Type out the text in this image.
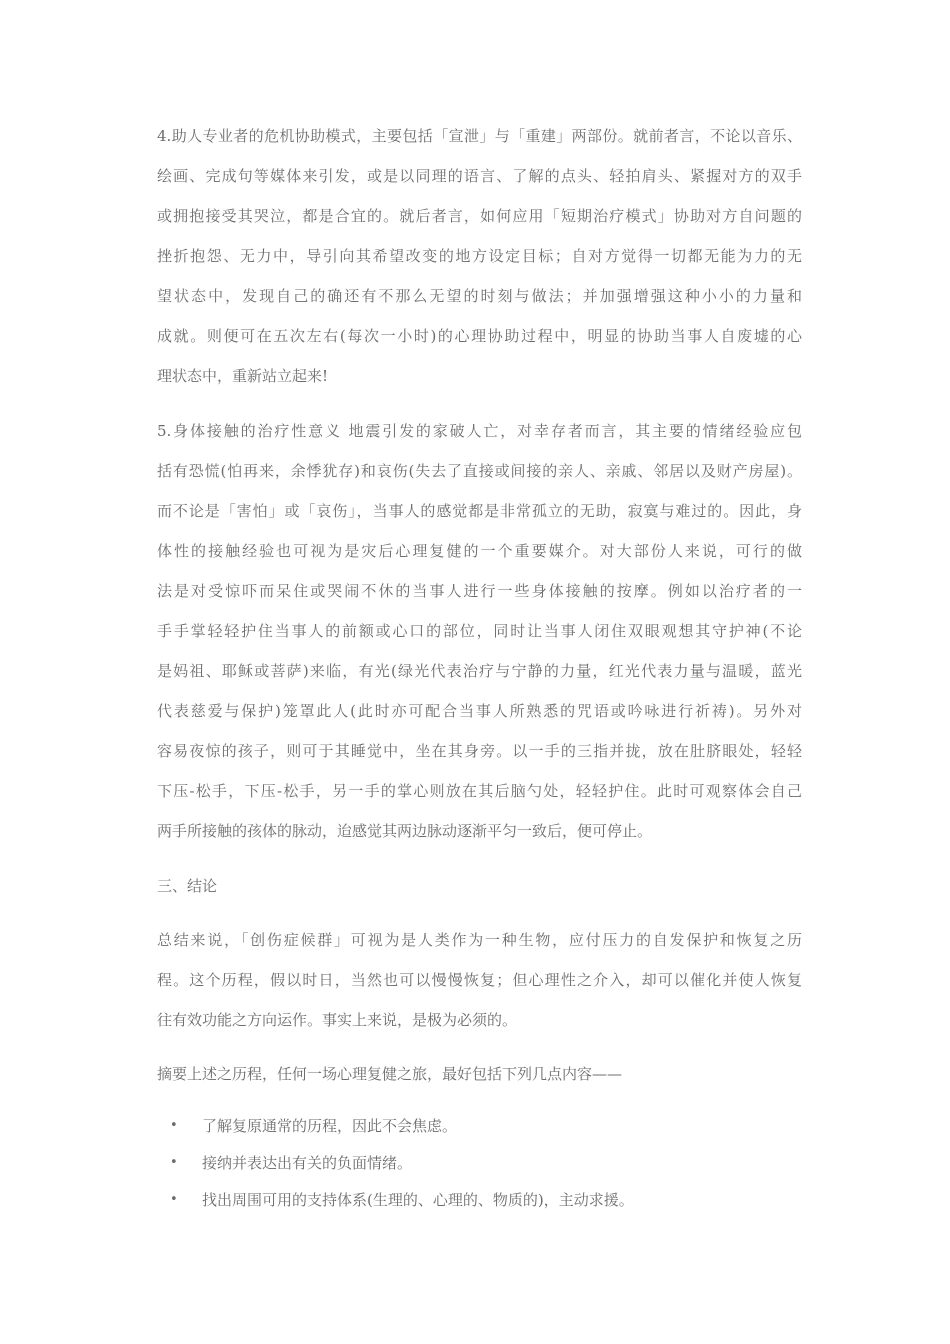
4.助人专业者的危机协助模式，主要包括「宣泄」与「重建」两部份。就前者言，不论以音乐、
绘画、完成句等媒体来引发，或是以同理的语言、了解的点头、轻拍肩头、紧握对方的双手
或拥抱接受其哭泣，都是合宜的。就后者言，如何应用「短期治疗模式」协助对方自问题的
挫折抱怨、无力中，导引向其希望改变的地方设定目标；自对方觉得一切都无能为力的无
望状态中，发现自己的确还有不那么无望的时刻与做法；并加强增强这种小小的力量和
成就。则便可在五次左右(每次一小时)的心理协助过程中，明显的协助当事人自废墟的心
理状态中，重新站立起来!
5.身体接触的治疗性意义 地震引发的家破人亡，对幸存者而言，其主要的情绪经验应包
括有恐慌(怕再来，余悸犹存)和哀伤(失去了直接或间接的亲人、亲戚、邻居以及财产房屋)。
而不论是「害怕」或「哀伤」，当事人的感觉都是非常孤立的无助，寂寞与难过的。因此，身
体性的接触经验也可视为是灾后心理复健的一个重要媒介。对大部份人来说，可行的做
法是对受惊吓而呆住或哭闹不休的当事人进行一些身体接触的按摩。例如以治疗者的一
手手掌轻轻护住当事人的前额或心口的部位，同时让当事人闭住双眼观想其守护神(不论
是妈祖、耶稣或菩萨)来临，有光(绿光代表治疗与宁静的力量，红光代表力量与温暖，蓝光
代表慈爱与保护)笼罩此人(此时亦可配合当事人所熟悉的咒语或吟咏进行祈祷)。另外对
容易夜惊的孩子，则可于其睡觉中，坐在其身旁。以一手的三指并拢，放在肚脐眼处，轻轻
下压-松手，下压-松手，另一手的掌心则放在其后脑勺处，轻轻护住。此时可观察体会自己
两手所接触的孩体的脉动，迨感觉其两边脉动逐渐平匀一致后，便可停止。
三、结论
总结来说，「创伤症候群」可视为是人类作为一种生物，应付压力的自发保护和恢复之历
程。这个历程，假以时日，当然也可以慢慢恢复；但心理性之介入，却可以催化并使人恢复
往有效功能之方向运作。事实上来说，是极为必须的。
摘要上述之历程，任何一场心理复健之旅，最好包括下列几点内容——
• 了解复原通常的历程，因此不会焦虑。
• 接纳并表达出有关的负面情绪。
• 找出周围可用的支持体系(生理的、心理的、物质的)，主动求援。
